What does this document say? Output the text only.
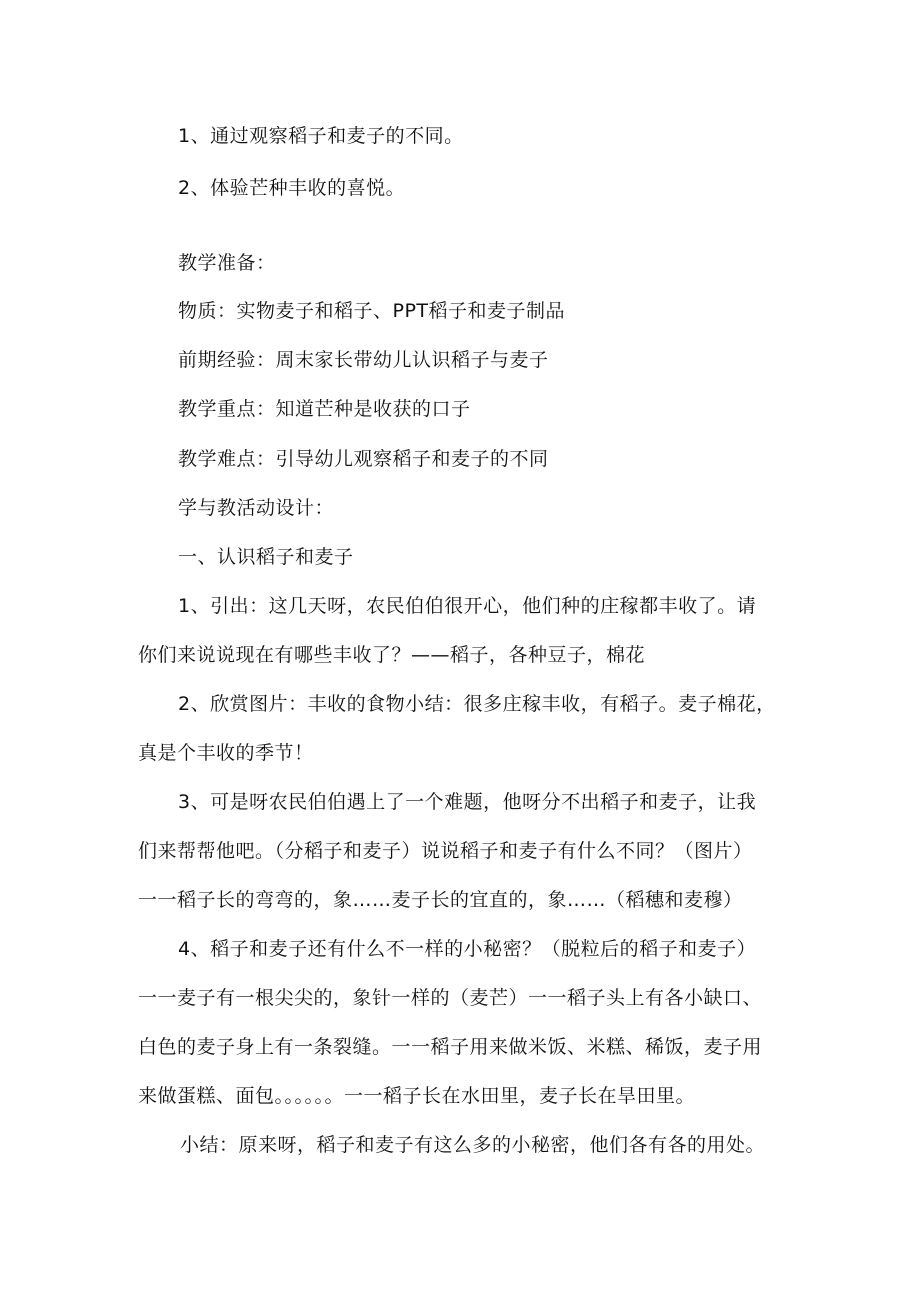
1、通过观察稻子和麦子的不同。
2、体验芒种丰收的喜悦。
教学准备：
物质：实物麦子和稻子、PPT稻子和麦子制品
前期经验：周末家长带幼儿认识稻子与麦子
教学重点：知道芒种是收获的口子
教学难点：引导幼儿观察稻子和麦子的不同
学与教活动设计：
一、认识稻子和麦子
1、引出：这几天呀，农民伯伯很开心，他们种的庄稼都丰收了。请
你们来说说现在有哪些丰收了？——稻子，各种豆子，棉花
2、欣赏图片：丰收的食物小结：很多庄稼丰收，有稻子。麦子棉花，
真是个丰收的季节！
3、可是呀农民伯伯遇上了一个难题，他呀分不出稻子和麦子，让我
们来帮帮他吧。（分稻子和麦子）说说稻子和麦子有什么不同？（图片）
一一稻子长的弯弯的，象……麦子长的宜直的，象……（稻穗和麦穆）
4、稻子和麦子还有什么不一样的小秘密？（脱粒后的稻子和麦子）
一一麦子有一根尖尖的，象针一样的（麦芒）一一稻子头上有各小缺口、
白色的麦子身上有一条裂缝。一一稻子用来做米饭、米糕、稀饭，麦子用
来做蛋糕、面包。。。。。。一一稻子长在水田里，麦子长在旱田里。
小结：原来呀，稻子和麦子有这么多的小秘密，他们各有各的用处。
